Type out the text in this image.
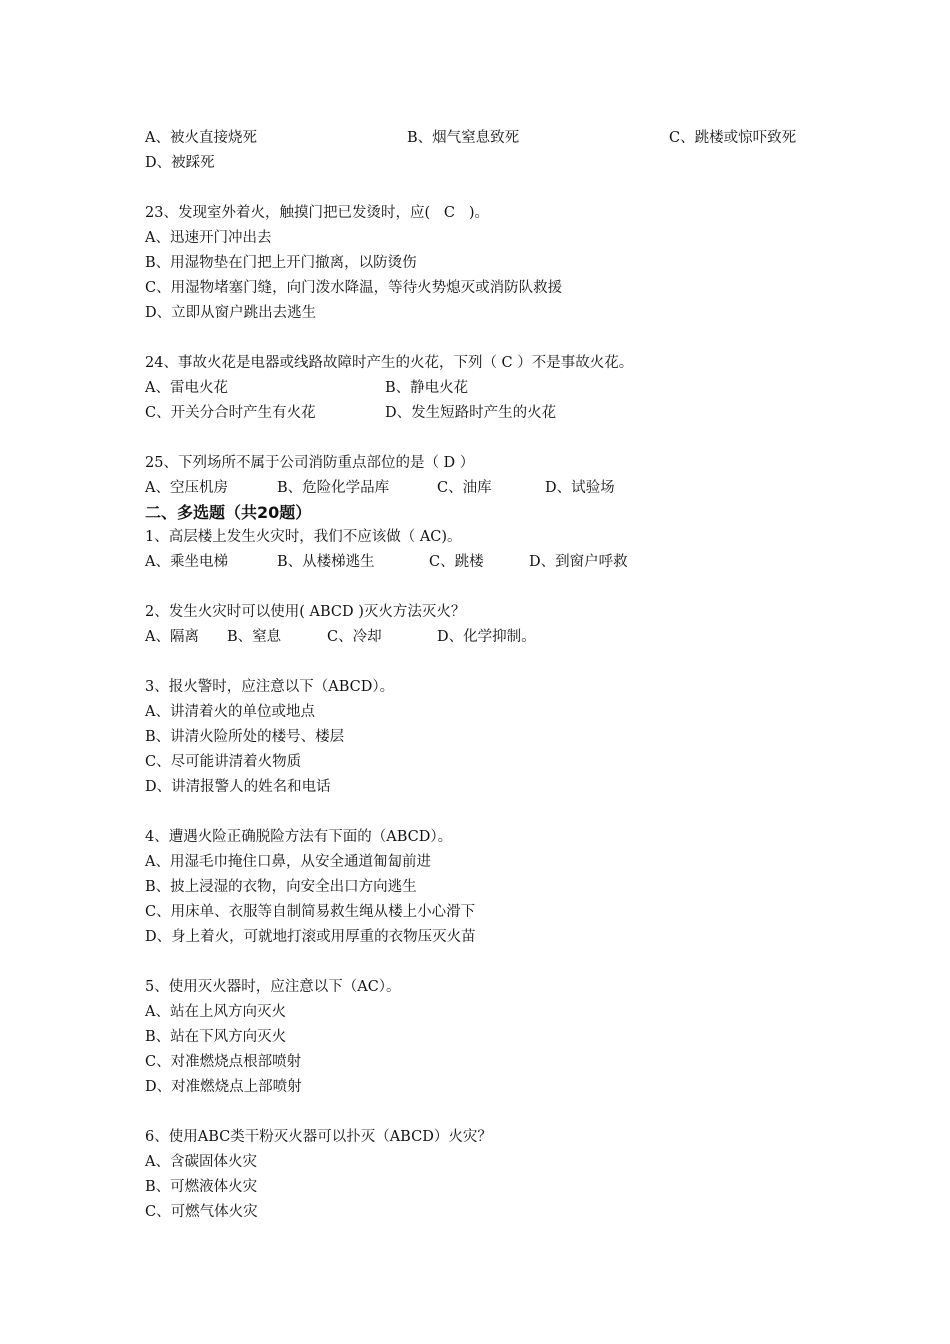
A、被火直接烧死	B、烟气窒息致死	C、跳楼或惊吓致死
D、被踩死
23、发现室外着火，触摸门把已发烫时，应(   C   )。
A、迅速开门冲出去
B、用湿物垫在门把上开门撤离，以防烫伤
C、用湿物堵塞门缝，向门泼水降温，等待火势熄灭或消防队救援
D、立即从窗户跳出去逃生
24、事故火花是电器或线路故障时产生的火花，下列（ C ）不是事故火花。
A、雷电火花	B、静电火花
C、开关分合时产生有火花	D、发生短路时产生的火花
25、下列场所不属于公司消防重点部位的是（ D ）
A、空压机房	B、危险化学品库	C、油库	D、试验场
二、多选题（共20题）
1、高层楼上发生火灾时，我们不应该做（ AC)。
A、乘坐电梯	B、从楼梯逃生	C、跳楼	D、到窗户呼救
2、发生火灾时可以使用( ABCD )灭火方法灭火？
A、隔离	B、窒息	C、冷却	D、化学抑制。
3、报火警时，应注意以下（ABCD）。
A、讲清着火的单位或地点
B、讲清火险所处的楼号、楼层
C、尽可能讲清着火物质
D、讲清报警人的姓名和电话
4、遭遇火险正确脱险方法有下面的（ABCD）。
A、用湿毛巾掩住口鼻，从安全通道匍匐前进
B、披上浸湿的衣物，向安全出口方向逃生
C、用床单、衣服等自制简易救生绳从楼上小心滑下
D、身上着火，可就地打滚或用厚重的衣物压灭火苗
5、使用灭火器时，应注意以下（AC）。
A、站在上风方向灭火
B、站在下风方向灭火
C、对准燃烧点根部喷射
D、对准燃烧点上部喷射
6、使用ABC类干粉灭火器可以扑灭（ABCD）火灾？
A、含碳固体火灾
B、可燃液体火灾
C、可燃气体火灾
